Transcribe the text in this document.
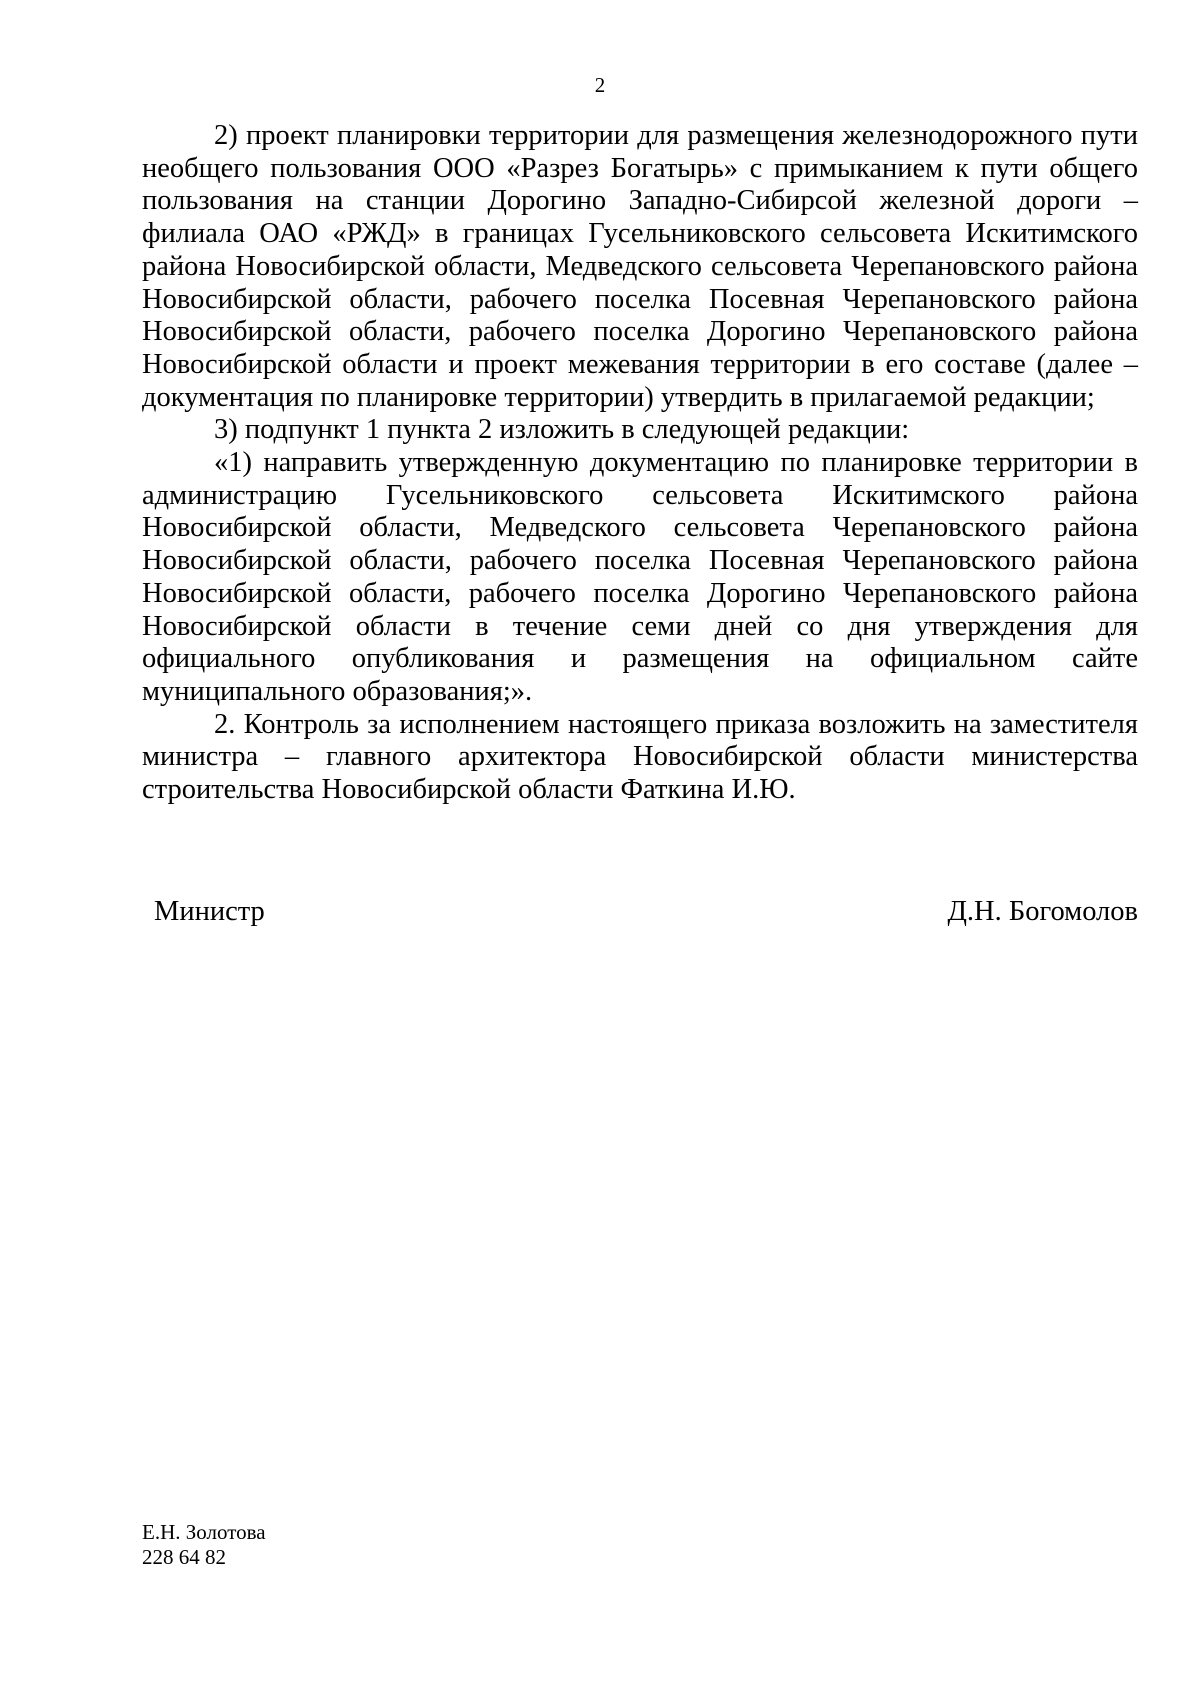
2

2) проект планировки территории для размещения железнодорожного пути необщего пользования ООО «Разрез Богатырь» с примыканием к пути общего пользования на станции Дорогино Западно-Сибирсой железной дороги – филиала ОАО «РЖД» в границах Гусельниковского сельсовета Искитимского района Новосибирской области, Медведского сельсовета Черепановского района Новосибирской области, рабочего поселка Посевная Черепановского района Новосибирской области, рабочего поселка Дорогино Черепановского района Новосибирской области и проект межевания территории в его составе (далее – документация по планировке территории) утвердить в прилагаемой редакции;

3) подпункт 1 пункта 2 изложить в следующей редакции:

«1) направить утвержденную документацию по планировке территории в администрацию Гусельниковского сельсовета Искитимского района Новосибирской области, Медведского сельсовета Черепановского района Новосибирской области, рабочего поселка Посевная Черепановского района Новосибирской области, рабочего поселка Дорогино Черепановского района Новосибирской области в течение семи дней со дня утверждения для официального опубликования и размещения на официальном сайте муниципального образования;».

2. Контроль за исполнением настоящего приказа возложить на заместителя министра – главного архитектора Новосибирской области министерства строительства Новосибирской области Фаткина И.Ю.

Министр	Д.Н. Богомолов
Е.Н. Золотова
228 64 82
